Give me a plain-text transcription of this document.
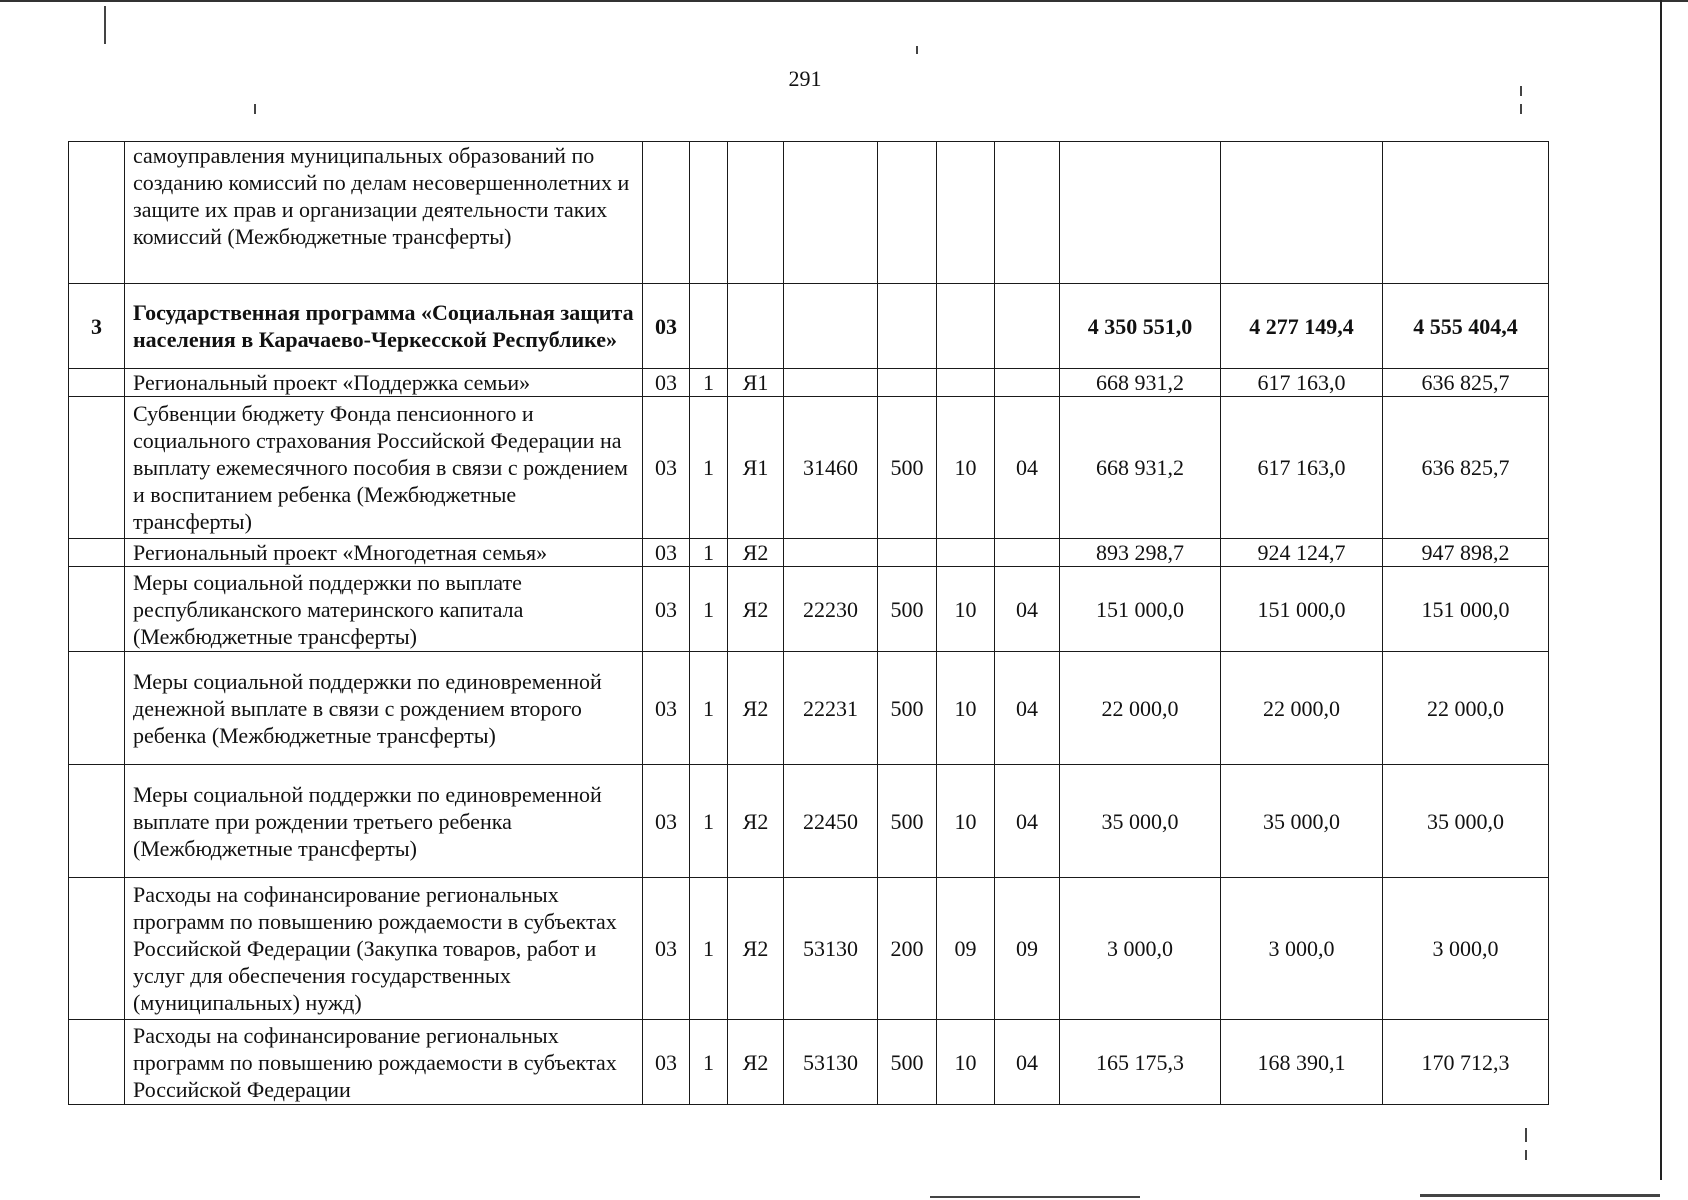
291
	самоуправления муниципальных образований по созданию комиссий по делам несовершеннолетних и защите их прав и организации деятельности таких комиссий (Межбюджетные трансферты)										
3	Государственная программа «Социальная защита населения в Карачаево-Черкесской Республике»	03							4 350 551,0	4 277 149,4	4 555 404,4
	Региональный проект «Поддержка семьи»	03	1	Я1					668 931,2	617 163,0	636 825,7
	Субвенции бюджету Фонда пенсионного и социального страхования Российской Федерации на выплату ежемесячного пособия в связи с рождением и воспитанием ребенка (Межбюджетные трансферты)	03	1	Я1	31460	500	10	04	668 931,2	617 163,0	636 825,7
	Региональный проект «Многодетная семья»	03	1	Я2					893 298,7	924 124,7	947 898,2
	Меры социальной поддержки по выплате республиканского материнского капитала (Межбюджетные трансферты)	03	1	Я2	22230	500	10	04	151 000,0	151 000,0	151 000,0
	Меры социальной поддержки по единовременной денежной выплате в связи с рождением второго ребенка (Межбюджетные трансферты)	03	1	Я2	22231	500	10	04	22 000,0	22 000,0	22 000,0
	Меры социальной поддержки по единовременной выплате при рождении третьего ребенка (Межбюджетные трансферты)	03	1	Я2	22450	500	10	04	35 000,0	35 000,0	35 000,0
	Расходы на софинансирование региональных программ по повышению рождаемости в субъектах Российской Федерации (Закупка товаров, работ и услуг для обеспечения государственных (муниципальных) нужд)	03	1	Я2	53130	200	09	09	3 000,0	3 000,0	3 000,0
	Расходы на софинансирование региональных программ по повышению рождаемости в субъектах Российской Федерации	03	1	Я2	53130	500	10	04	165 175,3	168 390,1	170 712,3
